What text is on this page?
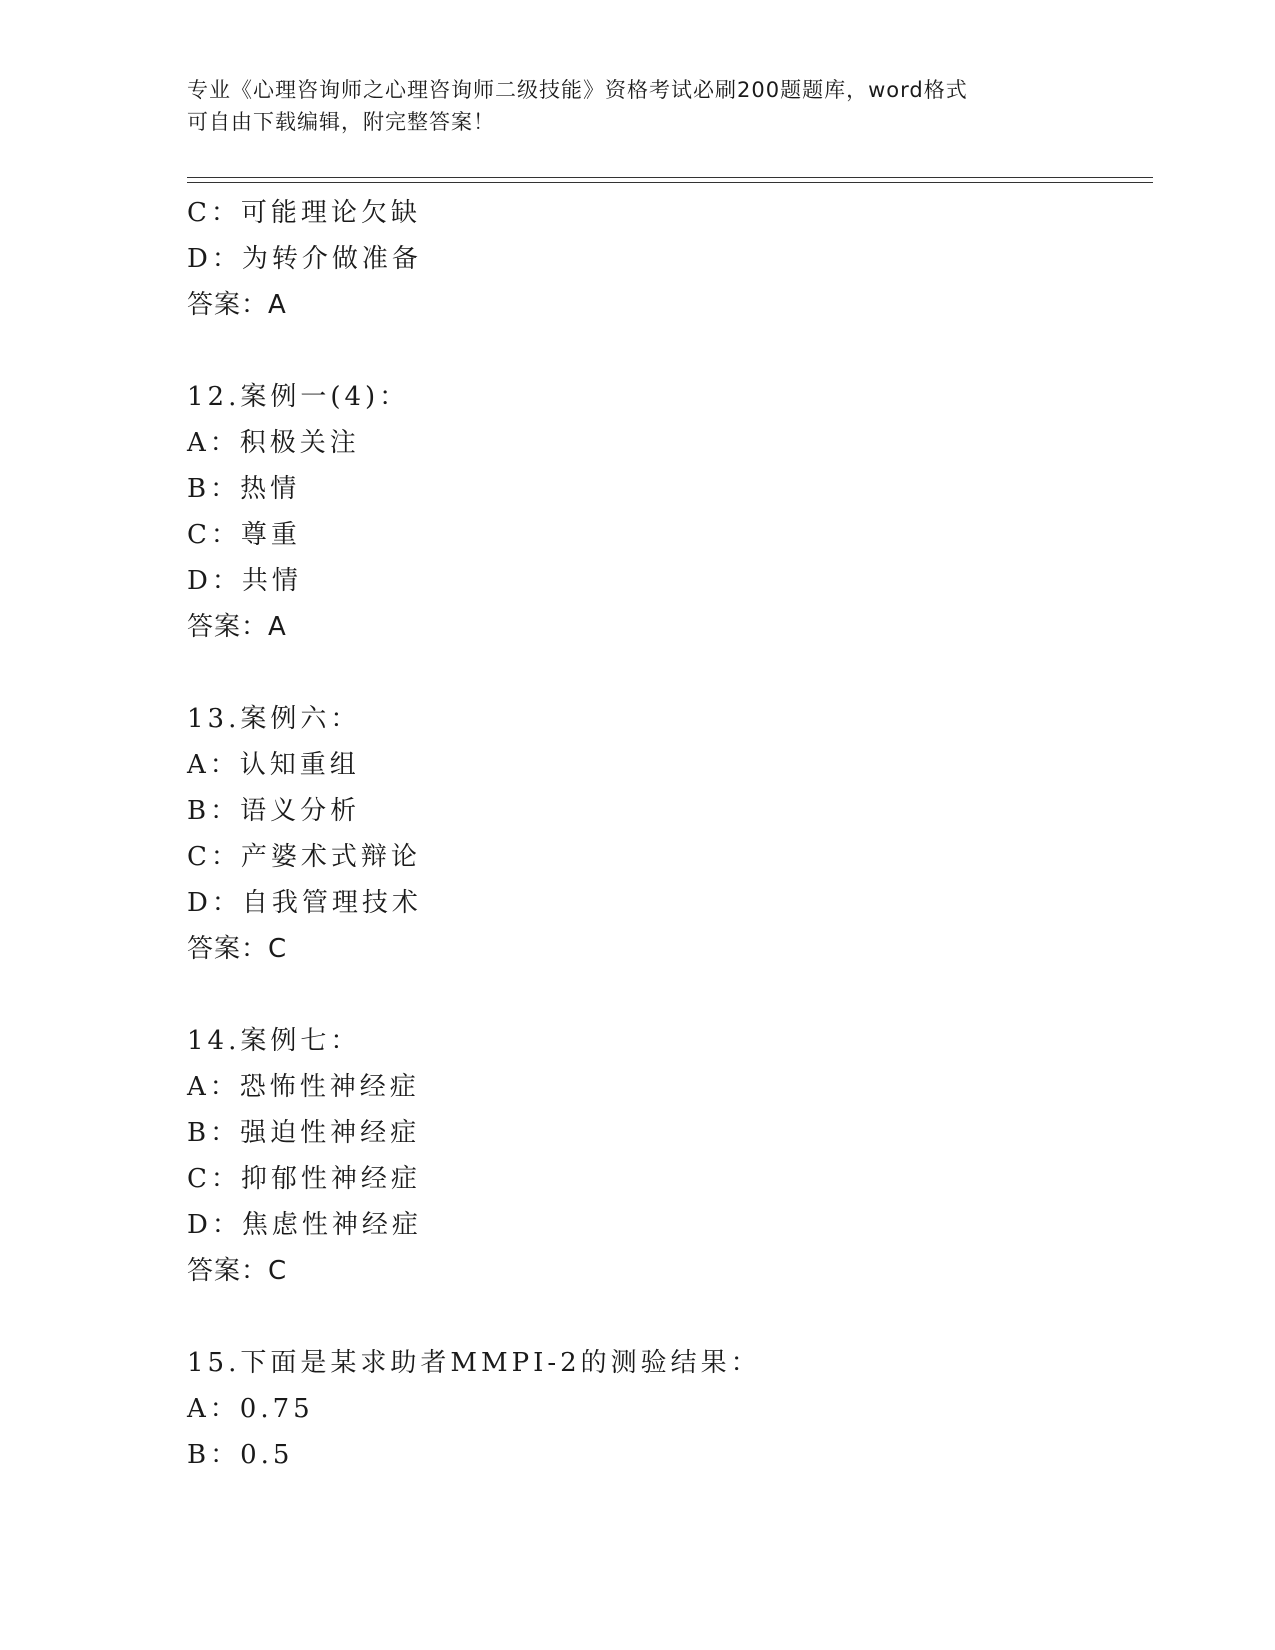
专业《心理咨询师之心理咨询师二级技能》资格考试必刷200题题库，word格式
可自由下载编辑，附完整答案！
C：可能理论欠缺
D：为转介做准备
答案：A
12.案例一(4)：
A：积极关注
B：热情
C：尊重
D：共情
答案：A
13.案例六：
A：认知重组
B：语义分析
C：产婆术式辩论
D：自我管理技术
答案：C
14.案例七：
A：恐怖性神经症
B：强迫性神经症
C：抑郁性神经症
D：焦虑性神经症
答案：C
15.下面是某求助者MMPI-2的测验结果：
A：0.75
B：0.5
